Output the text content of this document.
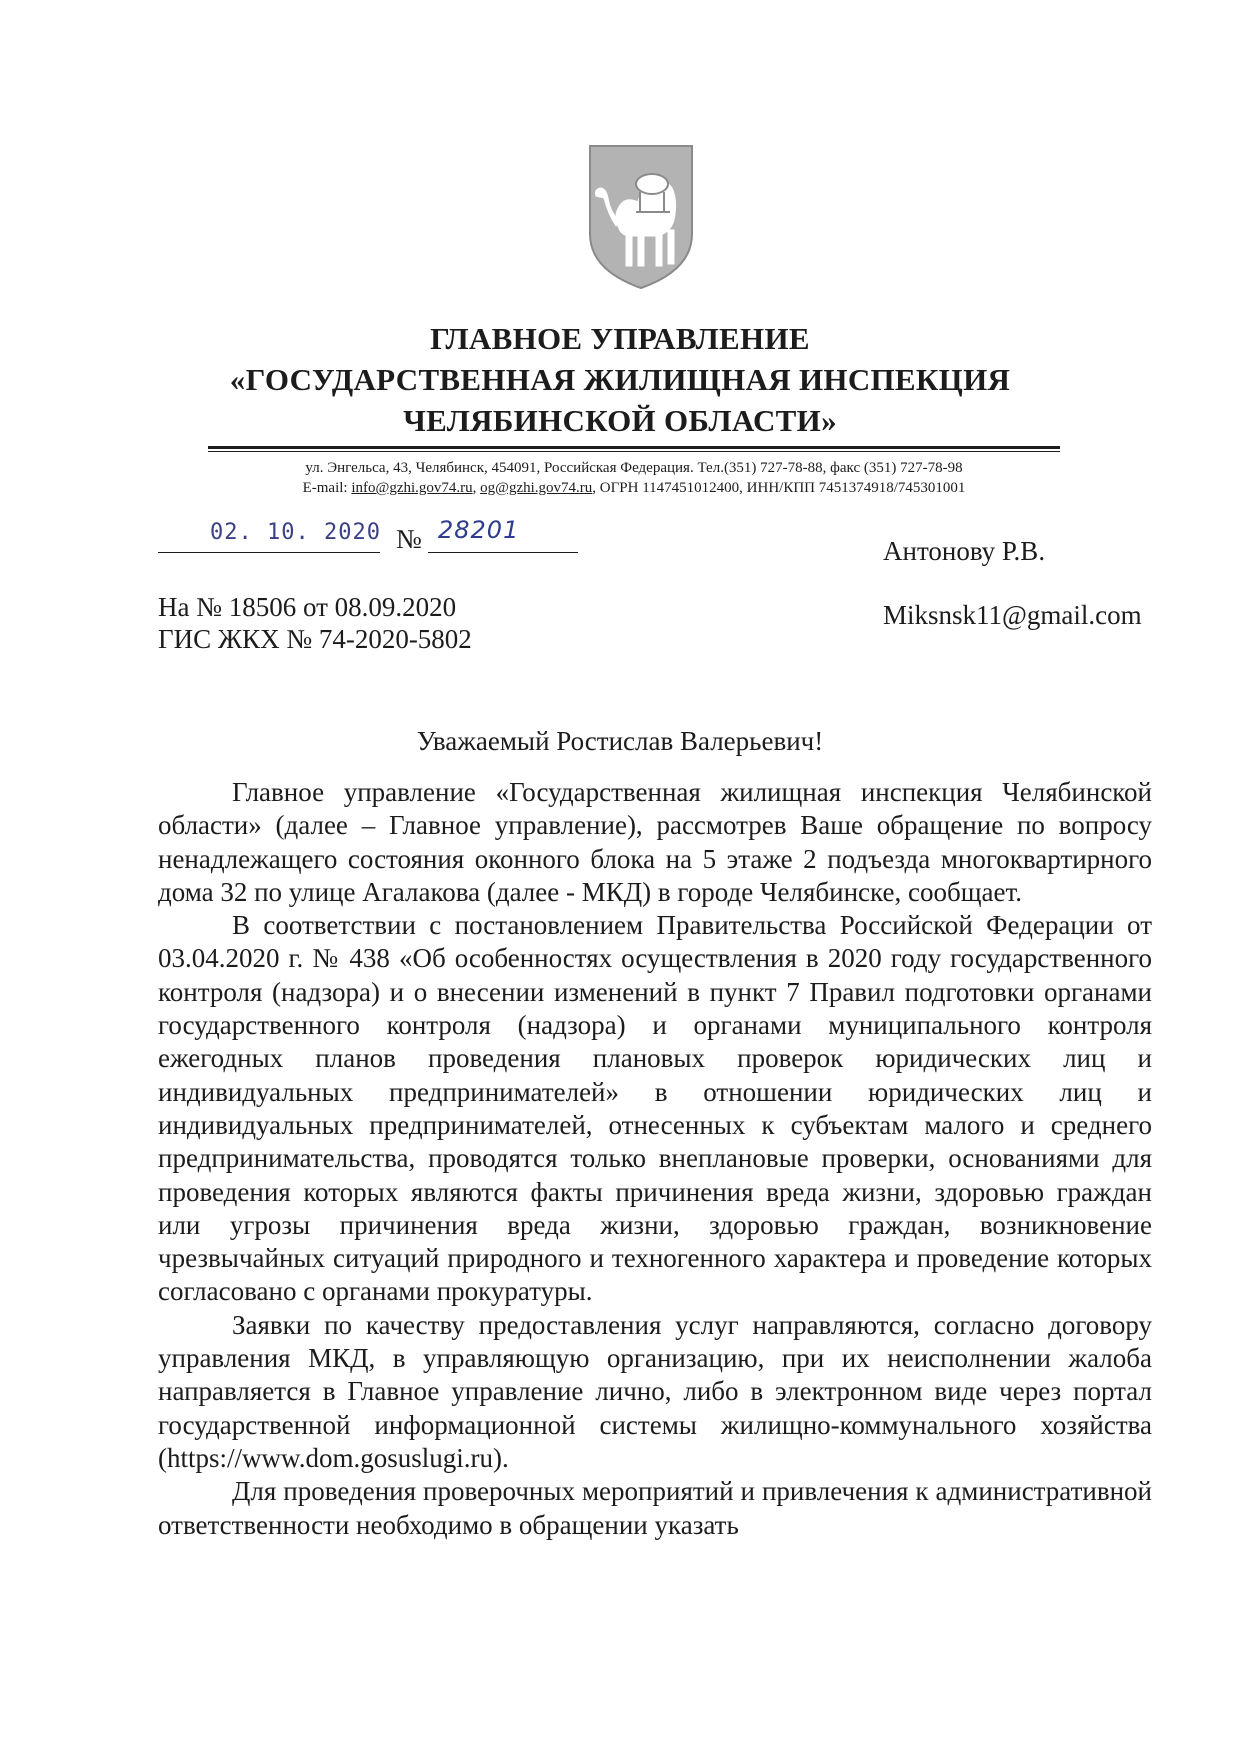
ГЛАВНОЕ УПРАВЛЕНИЕ
«ГОСУДАРСТВЕННАЯ ЖИЛИЩНАЯ ИНСПЕКЦИЯ
ЧЕЛЯБИНСКОЙ ОБЛАСТИ»
ул. Энгельса, 43, Челябинск, 454091, Российская Федерация. Тел.(351) 727-78-88, факс (351) 727-78-98
E-mail: info@gzhi.gov74.ru, og@gzhi.gov74.ru, ОГРН 1147451012400, ИНН/КПП 7451374918/745301001
02. 10. 2020 № 28201
Антонову Р.В.
Miksnsk11@gmail.com
На № 18506 от 08.09.2020
ГИС ЖКХ № 74-2020-5802
Уважаемый Ростислав Валерьевич!

Главное управление «Государственная жилищная инспекция Челябинской области» (далее – Главное управление), рассмотрев Ваше обращение по вопросу ненадлежащего состояния оконного блока на 5 этаже 2 подъезда многоквартирного дома 32 по улице Агалакова (далее - МКД) в городе Челябинске, сообщает.

В соответствии с постановлением Правительства Российской Федерации от 03.04.2020 г. № 438 «Об особенностях осуществления в 2020 году государственного контроля (надзора) и о внесении изменений в пункт 7 Правил подготовки органами государственного контроля (надзора) и органами муниципального контроля ежегодных планов проведения плановых проверок юридических лиц и индивидуальных предпринимателей» в отношении юридических лиц и индивидуальных предпринимателей, отнесенных к субъектам малого и среднего предпринимательства, проводятся только внеплановые проверки, основаниями для проведения которых являются факты причинения вреда жизни, здоровью граждан или угрозы причинения вреда жизни, здоровью граждан, возникновение чрезвычайных ситуаций природного и техногенного характера и проведение которых согласовано с органами прокуратуры.

Заявки по качеству предоставления услуг направляются, согласно договору управления МКД, в управляющую организацию, при их неисполнении жалоба направляется в Главное управление лично, либо в электронном виде через портал государственной информационной системы жилищно-коммунального хозяйства (https://www.dom.gosuslugi.ru).

Для проведения проверочных мероприятий и привлечения к административной ответственности необходимо в обращении указать
